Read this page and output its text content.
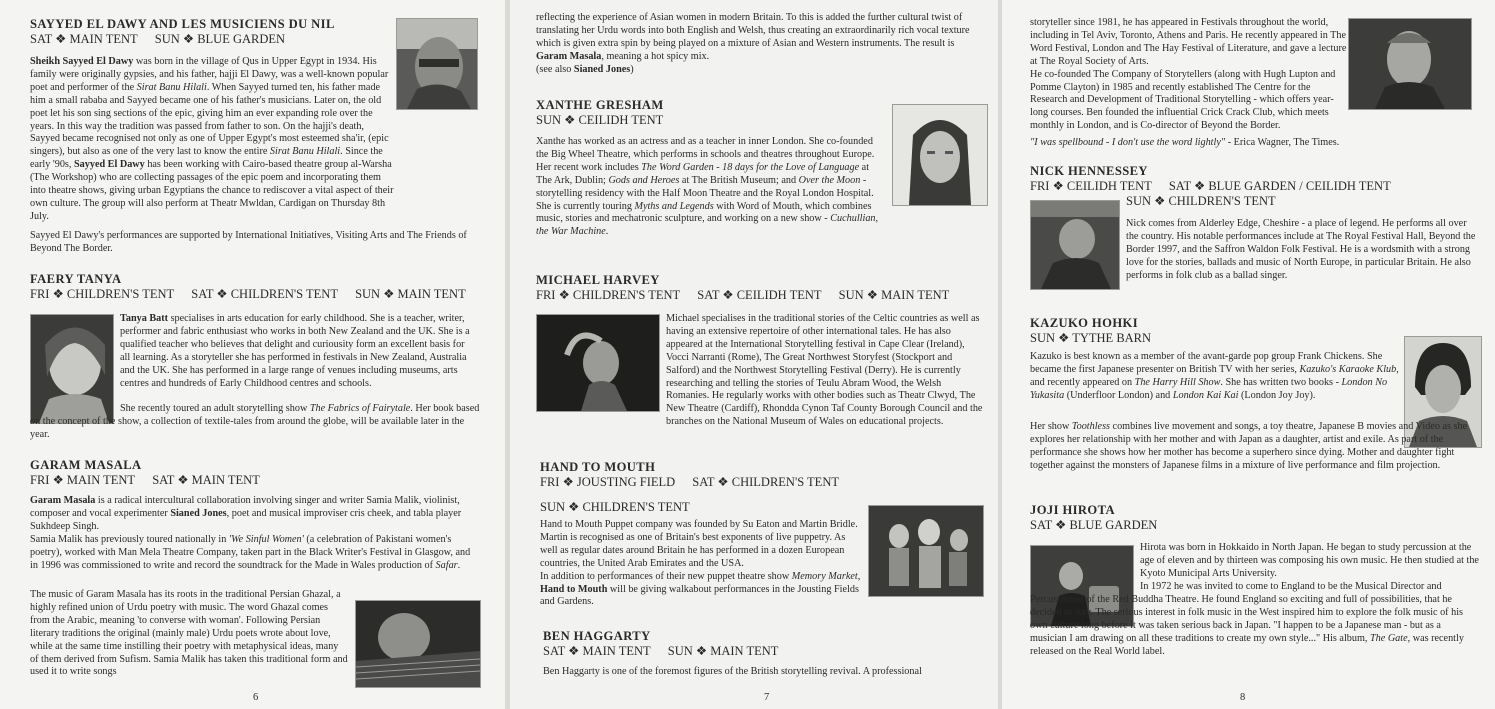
SAYYED EL DAWY AND LES MUSICIENS DU NIL
SAT ❖ MAIN TENT SUN ❖ BLUE GARDEN

Sheikh Sayyed El Dawy was born in the village of Qus in Upper Egypt in 1934. His family were originally gypsies, and his father, hajji El Dawy, was a well-known popular poet and performer of the Sirat Banu Hilali. When Sayyed turned ten, his father made him a small rababa and Sayyed became one of his father's musicians. Later on, the old poet let his son sing sections of the epic, giving him an ever expanding role over the years. In this way the tradition was passed from father to son. On the hajji's death, Sayyed became recognised not only as one of Upper Egypt's most esteemed sha'ir, (epic singers), but also as one of the very last to know the entire Sirat Banu Hilali. Since the early '90s, Sayyed El Dawy has been working with Cairo-based theatre group al-Warsha (The Workshop) who are collecting passages of the epic poem and incorporating them into theatre shows, giving urban Egyptians the chance to rediscover a vital aspect of their own culture. The group will also perform at Theatr Mwldan, Cardigan on Thursday 8th July.

Sayyed El Dawy's performances are supported by International Initiatives, Visiting Arts and The Friends of Beyond The Border.

FAERY TANYA
FRI ❖ CHILDREN'S TENT SAT ❖ CHILDREN'S TENT SUN ❖ MAIN TENT

Tanya Batt specialises in arts education for early childhood. She is a teacher, writer, performer and fabric enthusiast who works in both New Zealand and the UK. She is a qualified teacher who believes that delight and curiousity form an excellent basis for all learning. As a storyteller she has performed in festivals in New Zealand, Australia and the UK. She has performed in a large range of venues including museums, arts centres and hundreds of Early Childhood centres and schools.

She recently toured an adult storytelling show The Fabrics of Fairytale. Her book based on the concept of the show, a collection of textile-tales from around the globe, will be available later in the year.

GARAM MASALA
FRI ❖ MAIN TENT SAT ❖ MAIN TENT

Garam Masala is a radical intercultural collaboration involving singer and writer Samia Malik, violinist, composer and vocal experimenter Sianed Jones, poet and musical improviser cris cheek, and tabla player Sukhdeep Singh.

Samia Malik has previously toured nationally in 'We Sinful Women' (a celebration of Pakistani women's poetry), worked with Man Mela Theatre Company, taken part in the Black Writer's Festival in Glasgow, and in 1996 was commissioned to write and record the soundtrack for the Made in Wales production of Safar.

The music of Garam Masala has its roots in the traditional Persian Ghazal, a highly refined union of Urdu poetry with music. The word Ghazal comes from the Arabic, meaning 'to converse with woman'. Following Persian literary traditions the original (mainly male) Urdu poets wrote about love, while at the same time instilling their poetry with metaphysical ideas, many of them derived from Sufism. Samia Malik has taken this traditional form and used it to write songs

6

reflecting the experience of Asian women in modern Britain. To this is added the further cultural twist of translating her Urdu words into both English and Welsh, thus creating an extraordinarily rich vocal texture which is given extra spin by being played on a mixture of Asian and Western instruments. The result is Garam Masala, meaning a hot spicy mix.

(see also Sianed Jones)

XANTHE GRESHAM
SUN ❖ CEILIDH TENT

Xanthe has worked as an actress and as a teacher in inner London. She co-founded the Big Wheel Theatre, which performs in schools and theatres throughout Europe. Her recent work includes The Word Garden - 18 days for the Love of Language at The Ark, Dublin; Gods and Heroes at The British Museum; and Over the Moon - storytelling residency with the Half Moon Theatre and the Royal London Hospital. She is currently touring Myths and Legends with Word of Mouth, which combines music, stories and mechatronic sculpture, and working on a new show - Cuchullian, the War Machine.

MICHAEL HARVEY
FRI ❖ CHILDREN'S TENT SAT ❖ CEILIDH TENT SUN ❖ MAIN TENT

Michael specialises in the traditional stories of the Celtic countries as well as having an extensive repertoire of other international tales. He has also appeared at the International Storytelling festival in Cape Clear (Ireland), Vocci Narranti (Rome), The Great Northwest Storyfest (Stockport and Salford) and the Northwest Storytelling Festival (Derry). He is currently researching and telling the stories of Teulu Abram Wood, the Welsh Romanies. He regularly works with other bodies such as Theatr Clwyd, The New Theatre (Cardiff), Rhondda Cynon Taf County Borough Council and the branches on the National Museum of Wales on educational projects.

HAND TO MOUTH
FRI ❖ JOUSTING FIELD SAT ❖ CHILDREN'S TENT
SUN ❖ CHILDREN'S TENT

Hand to Mouth Puppet company was founded by Su Eaton and Martin Bridle. Martin is recognised as one of Britain's best exponents of live puppetry. As well as regular dates around Britain he has performed in a dozen European countries, the United Arab Emirates and the USA.

In addition to performances of their new puppet theatre show Memory Market, Hand to Mouth will be giving walkabout performances in the Jousting Fields and Gardens.

BEN HAGGARTY
SAT ❖ MAIN TENT SUN ❖ MAIN TENT

Ben Haggarty is one of the foremost figures of the British storytelling revival. A professional

7

storyteller since 1981, he has appeared in Festivals throughout the world, including in Tel Aviv, Toronto, Athens and Paris. He recently appeared in The Word Festival, London and The Hay Festival of Literature, and gave a lecture at The Royal Society of Arts.

He co-founded The Company of Storytellers (along with Hugh Lupton and Pomme Clayton) in 1985 and recently established The Centre for the Research and Development of Traditional Storytelling - which offers year-long courses. Ben founded the influential Crick Crack Club, which meets monthly in London, and is Co-director of Beyond the Border.

"I was spellbound - I don't use the word lightly" - Erica Wagner, The Times.

NICK HENNESSEY
FRI ❖ CEILIDH TENT SAT ❖ BLUE GARDEN / CEILIDH TENT
SUN ❖ CHILDREN'S TENT

Nick comes from Alderley Edge, Cheshire - a place of legend. He performs all over the country. His notable performances include at The Royal Festival Hall, Beyond the Border 1997, and the Saffron Waldon Folk Festival. He is a wordsmith with a strong love for the stories, ballads and music of North Europe, in particular Britain. He also performs in folk club as a ballad singer.

KAZUKO HOHKI
SUN ❖ TYTHE BARN

Kazuko is best known as a member of the avant-garde pop group Frank Chickens. She became the first Japanese presenter on British TV with her series, Kazuko's Karaoke Klub, and recently appeared on The Harry Hill Show. She has written two books - London No Yukasita (Underfloor London) and London Kai Kai (London Joy Joy).

Her show Toothless combines live movement and songs, a toy theatre, Japanese B movies and Video as she explores her relationship with her mother and with Japan as a daughter, artist and exile. As part of the performance she shows how her mother has become a superhero since dying. Mother and daughter fight together against the monsters of Japanese films in a mixture of live performance and film projection.

JOJI HIROTA
SAT ❖ BLUE GARDEN

Hirota was born in Hokkaido in North Japan. He began to study percussion at the age of eleven and by thirteen was composing his own music. He then studied at the Kyoto Municipal Arts University.

In 1972 he was invited to come to England to be the Musical Director and Percussionist of the Red Buddha Theatre. He found England so exciting and full of possibilities, that he decided to stay. The serious interest in folk music in the West inspired him to explore the folk music of his own culture long before it was taken serious back in Japan. "I happen to be a Japanese man - but as a musician I am drawing on all these traditions to create my own style..." His album, The Gate, was recently released on the Real World label.

8
